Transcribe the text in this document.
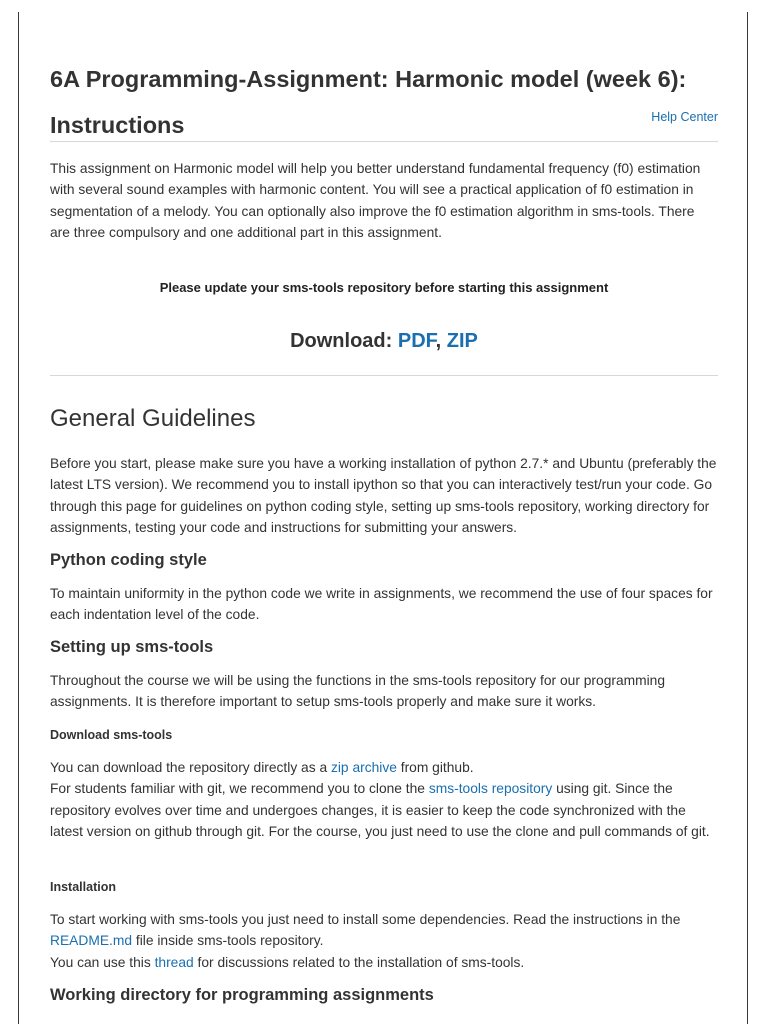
6A Programming-Assignment: Harmonic model (week 6):
Instructions	Help Center

This assignment on Harmonic model will help you better understand fundamental frequency (f0) estimation with several sound examples with harmonic content. You will see a practical application of f0 estimation in segmentation of a melody. You can optionally also improve the f0 estimation algorithm in sms-tools. There are three compulsory and one additional part in this assignment.

Please update your sms-tools repository before starting this assignment

Download: PDF, ZIP
General Guidelines

Before you start, please make sure you have a working installation of python 2.7.* and Ubuntu (preferably the latest LTS version). We recommend you to install ipython so that you can interactively test/run your code. Go through this page for guidelines on python coding style, setting up sms-tools repository, working directory for assignments, testing your code and instructions for submitting your answers.

Python coding style

To maintain uniformity in the python code we write in assignments, we recommend the use of four spaces for each indentation level of the code.

Setting up sms-tools

Throughout the course we will be using the functions in the sms-tools repository for our programming assignments. It is therefore important to setup sms-tools properly and make sure it works.

Download sms-tools

You can download the repository directly as a zip archive from github.
For students familiar with git, we recommend you to clone the sms-tools repository using git. Since the repository evolves over time and undergoes changes, it is easier to keep the code synchronized with the latest version on github through git. For the course, you just need to use the clone and pull commands of git.

Installation

To start working with sms-tools you just need to install some dependencies. Read the instructions in the
README.md file inside sms-tools repository.
You can use this thread for discussions related to the installation of sms-tools.

Working directory for programming assignments
